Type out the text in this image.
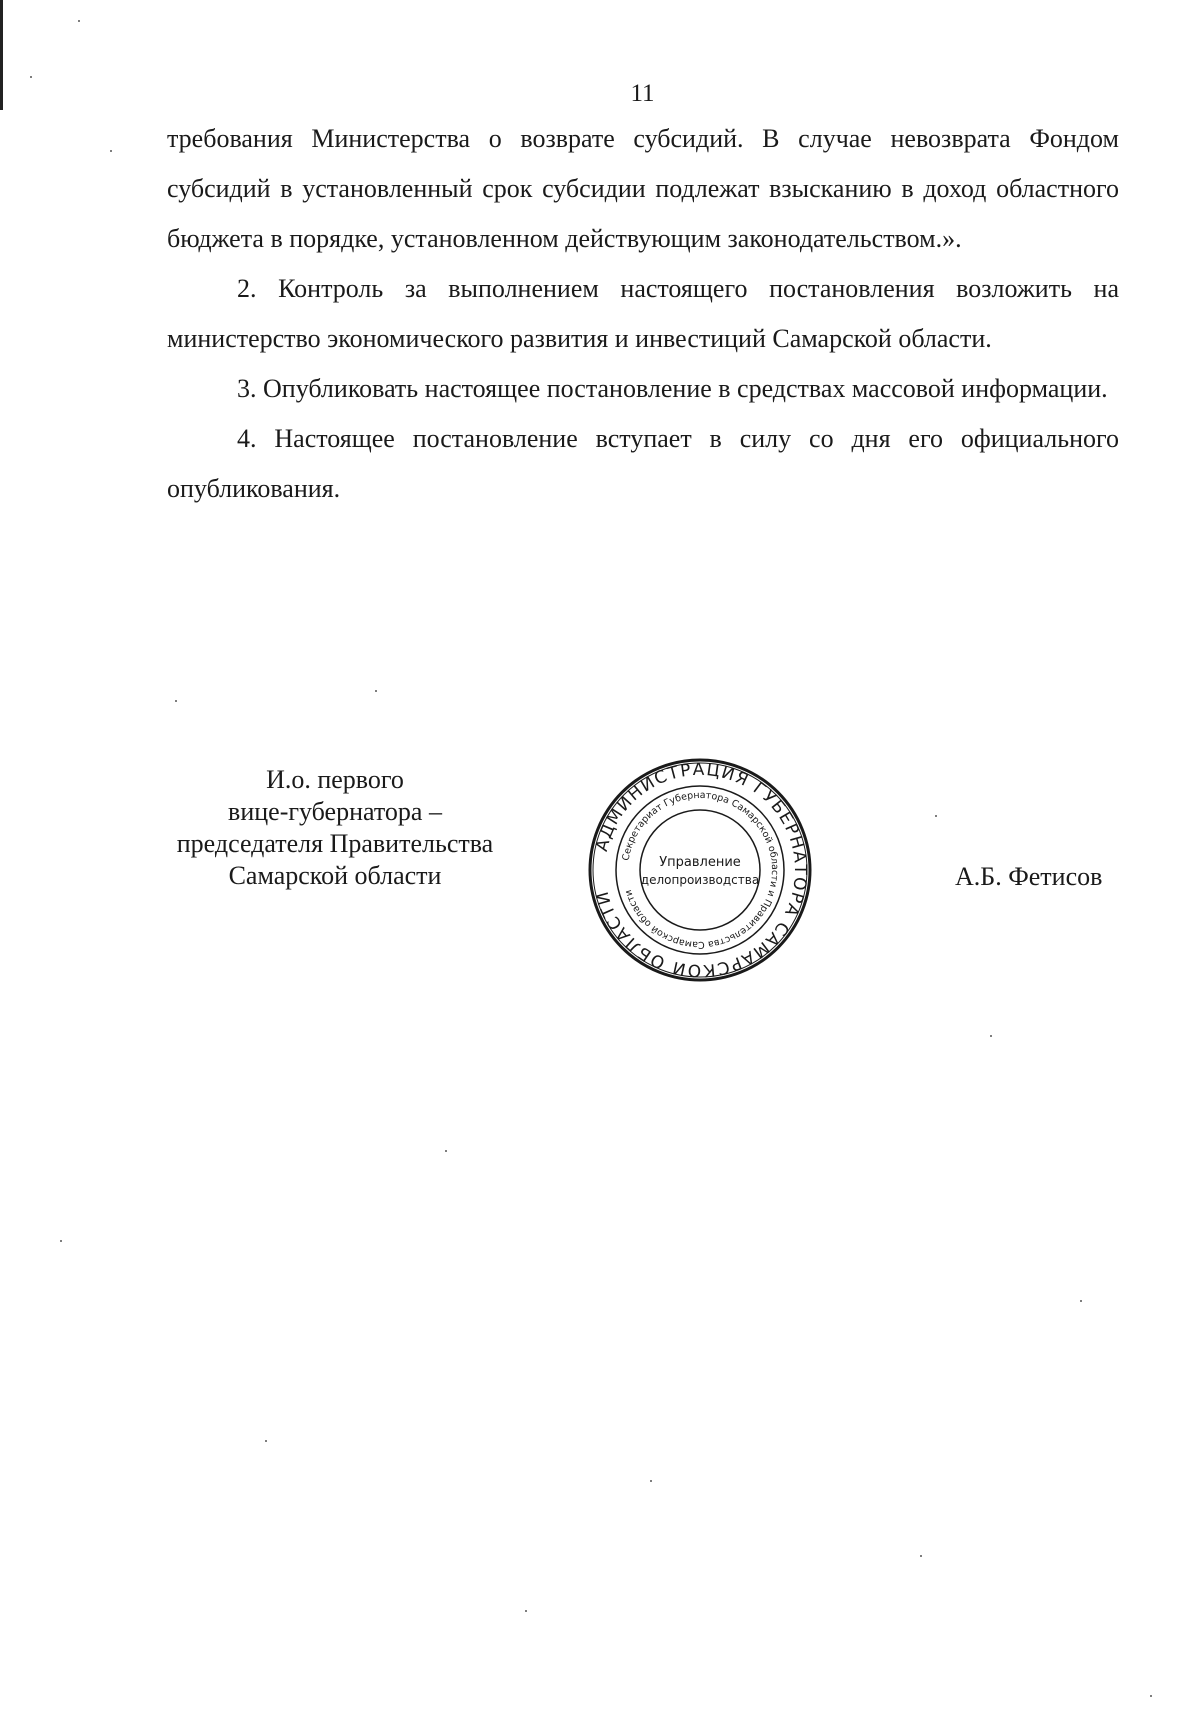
11

требования Министерства о возврате субсидий. В случае невозврата Фондом субсидий в установленный срок субсидии подлежат взысканию в доход областного бюджета в порядке, установленном действующим законодательством.».

2. Контроль за выполнением настоящего постановления возложить на министерство экономического развития и инвестиций Самарской области.

3. Опубликовать настоящее постановление в средствах массовой информации.

4. Настоящее постановление вступает в силу со дня его официального опубликования.

И.о. первого
вице-губернатора –
председателя Правительства
Самарской области
АДМИНИСТРАЦИЯ ГУБЕРНАТОРА САМАРСКОЙ ОБЛАСТИ
Секретариат Губернатора Самарской области и Правительства Самарской области
Управление
делопроизводства	А.Б. Фетисов
